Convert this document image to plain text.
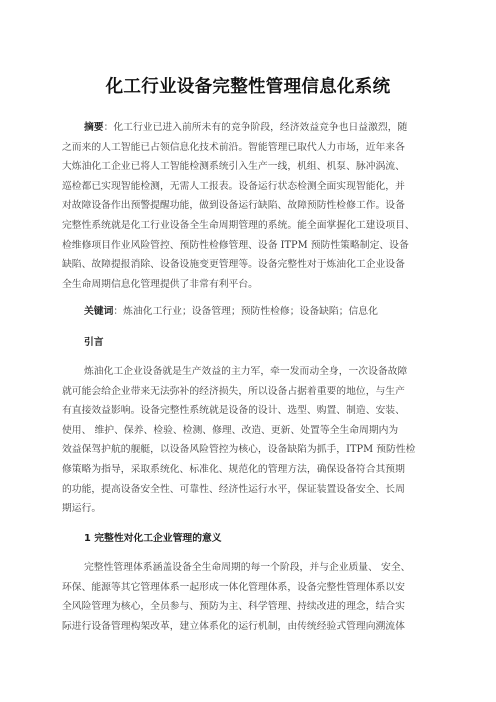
化工行业设备完整性管理信息化系统
摘要：化工行业已进入前所未有的竞争阶段，经济效益竞争也日益激烈，随
之而来的人工智能已占领信息化技术前沿。智能管理已取代人力市场，近年来各
大炼油化工企业已将人工智能检测系统引入生产一线，机组、机泵、脉冲涡流、
巡检都已实现智能检测，无需人工报表。设备运行状态检测全面实现智能化，并
对故障设备作出预警提醒功能，做到设备运行缺陷、故障预防性检修工作。设备
完整性系统就是化工行业设备全生命周期管理的系统。能全面掌握化工建设项目、
检维修项目作业风险管控、预防性检修管理、设备 ITPM 预防性策略制定、设备
缺陷、故障提报消除、设备设施变更管理等。设备完整性对于炼油化工企业设备
全生命周期信息化管理提供了非常有利平台。
关键词：炼油化工行业；设备管理；预防性检修；设备缺陷；信息化
引言
炼油化工企业设备就是生产效益的主力军，牵一发而动全身，一次设备故障
就可能会给企业带来无法弥补的经济损失，所以设备占据着重要的地位，与生产
有直接效益影响。设备完整性系统就是设备的设计、选型、购置、制造、安装、
使用、 维护、保养、检验、检测、修理、改造、更新、处置等全生命周期内为
效益保驾护航的舰艇，以设备风险管控为核心，设备缺陷为抓手，ITPM 预防性检
修策略为指导，采取系统化、标准化、规范化的管理方法，确保设备符合其预期
的功能，提高设备安全性、可靠性、经济性运行水平，保证装置设备安全、长周
期运行。
1 完整性对化工企业管理的意义
完整性管理体系涵盖设备全生命周期的每一个阶段，并与企业质量、 安全、
环保、能源等其它管理体系一起形成一体化管理体系，设备完整性管理体系以安
全风险管理为核心，全员参与、预防为主、科学管理、持续改进的理念，结合实
际进行设备管理构架改革，建立体系化的运行机制，由传统经验式管理向溯流体
